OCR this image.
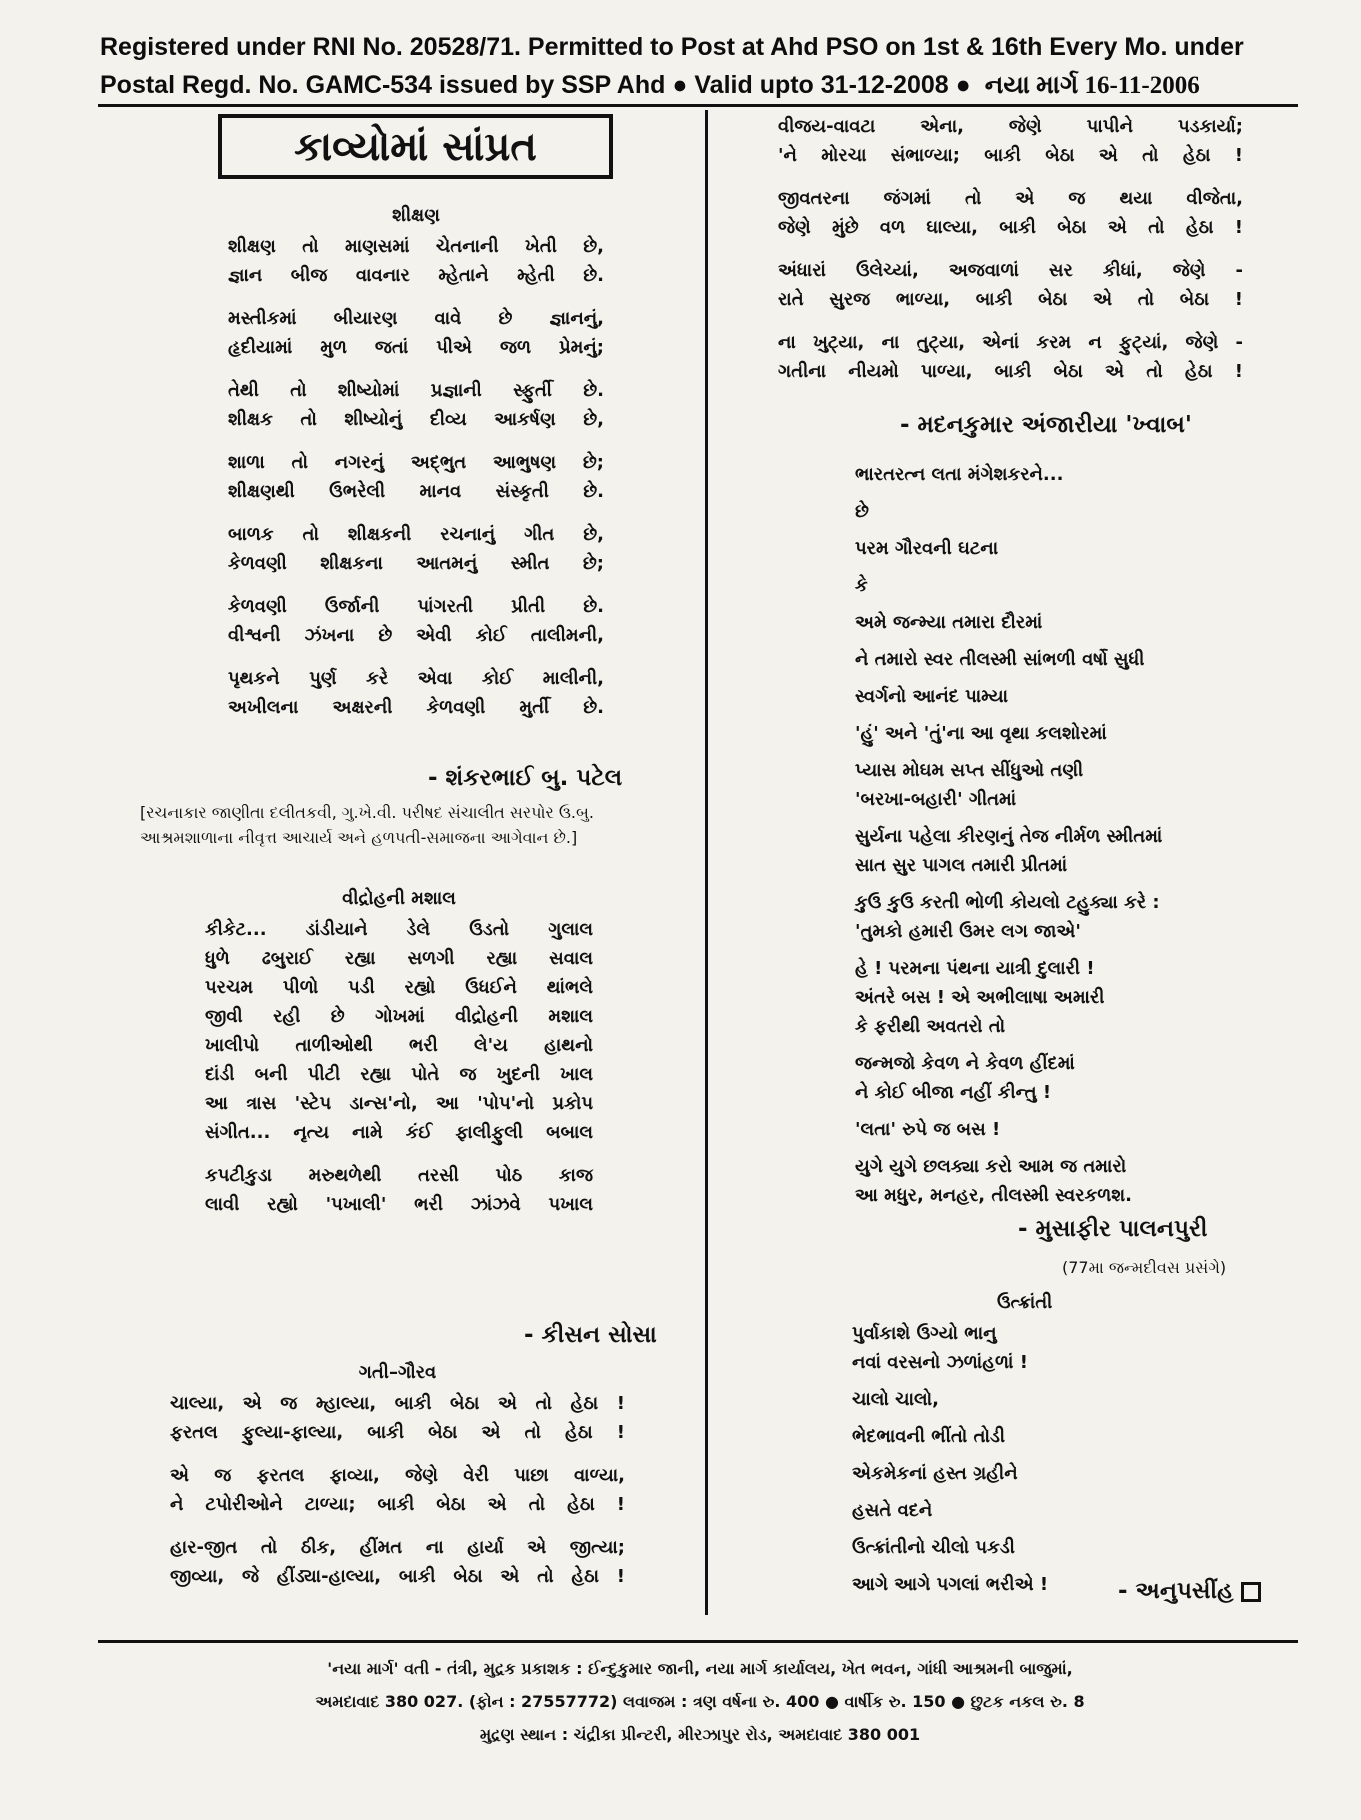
Registered under RNI No. 20528/71. Permitted to Post at Ahd PSO on 1st & 16th Every Mo. under
Postal Regd. No. GAMC-534 issued by SSP Ahd ● Valid upto 31-12-2008 ● નયા માર્ગ 16-11-2006
કાવ્યોમાં સાંપ્રત
શીક્ષણ
શીક્ષણ તો માણસમાં ચેતનાની ખેતી છે,
જ્ઞાન બીજ વાવનાર મ્હેતાને મ્હેતી છે.
મસ્તીકમાં બીયારણ વાવે છે જ્ઞાનનું,
હૃદીયામાં મુળ જતાં પીએ જળ પ્રેમનું;
તેથી તો શીષ્યોમાં પ્રજ્ઞાની સ્ફુર્તી છે.
શીક્ષક તો શીષ્યોનું દીવ્ય આકર્ષણ છે,
શાળા તો નગરનું અદ્‌ભુત આભુષણ છે;
શીક્ષણથી ઉભરેલી માનવ સંસ્કૃતી છે.
બાળક તો શીક્ષકની રચનાનું ગીત છે,
કેળવણી શીક્ષકના આતમનું સ્મીત છે;
કેળવણી ઉર્જાની પાંગરતી પ્રીતી છે.
વીશ્વની ઝંખના છે એવી કોઈ તાલીમની,
પૃથકને પુર્ણ કરે એવા કોઈ માલીની,
અખીલના અક્ષરની કેળવણી મુર્તી છે.
- શંકરભાઈ બુ. પટેલ
[રચનાકાર જાણીતા દલીતકવી, ગુ.ખે.વી. પરીષદ સંચાલીત સરપોર ઉ.બુ. આશ્રમશાળાના નીવૃત્ત આચાર્ય અને હળપતી-સમાજના આગેવાન છે.]
વીદ્રોહની મશાલ
કીકેટ... ડાંડીયાને ડેલે ઉડતો ગુલાલ
ધુળે ઢબુરાઈ રહ્યા સળગી રહ્યા સવાલ
પરચમ પીળો પડી રહ્યો ઉધઈને થાંભલે
જીવી રહી છે ગોખમાં વીદ્રોહની મશાલ
ખાલીપો તાળીઓથી ભરી લે'ય હાથનો
દાંડી બની પીટી રહ્યા પોતે જ ખુદની ખાલ
આ ત્રાસ 'સ્ટેપ ડાન્સ'નો, આ 'પોપ'નો પ્રકોપ
સંગીત... નૃત્ય નામે કંઈ ફાલીફુલી બબાલ
કપટીકુડા મરુથળેથી તરસી પોઠ કાજ
લાવી રહ્યો 'પખાલી' ભરી ઝાંઝવે પખાલ
- કીસન સોસા
ગતી–ગૌરવ
ચાલ્યા, એ જ મ્હાલ્યા, બાકી બેઠા એ તો હેઠા !
ફરતલ ફુલ્યા-ફાલ્યા, બાકી બેઠા એ તો હેઠા !
એ જ ફરતલ ફાવ્યા, જેણે વેરી પાછા વાળ્યા,
ને ટપોરીઓને ટાળ્યા; બાકી બેઠા એ તો હેઠા !
હાર-જીત તો ઠીક, હીંમત ના હાર્યા એ જીત્યા;
જીવ્યા, જે હીંડ્યા-હાલ્યા, બાકી બેઠા એ તો હેઠા !
વીજય-વાવટા એના, જેણે પાપીને પડકાર્યા;
'ને મોરચા સંભાળ્યા; બાકી બેઠા એ તો હેઠા !
જીવતરના જંગમાં તો એ જ થયા વીજેતા,
જેણે મુંછે વળ ઘાલ્યા, બાકી બેઠા એ તો હેઠા !
અંધારાં ઉલેચ્યાં, અજવાળાં સર કીધાં, જેણે -
રાતે સુરજ ભાળ્યા, બાકી બેઠા એ તો બેઠા !
ના ખુટ્યા, ના તુટ્યા, એનાં કરમ ન ફુટ્યાં, જેણે -
ગતીના નીયમો પાળ્યા, બાકી બેઠા એ તો હેઠા !
- મદનકુમાર અંજારીયા 'ખ્વાબ'
ભારતરત્ન લતા મંગેશકરને...
છે
પરમ ગૌરવની ઘટના
કે
અમે જન્મ્યા તમારા દૌરમાં
ને તમારો સ્વર તીલસ્મી સાંભળી વર્ષો સુધી
સ્વર્ગનો આનંદ પામ્યા
'હું' અને 'તું'ના આ વૃથા કલશોરમાં
પ્યાસ મોઘમ સપ્ત સીંધુઓ તણી
'બરખા-બહારી' ગીતમાં
સુર્યના પહેલા કીરણનું તેજ નીર્મળ સ્મીતમાં
સાત સુર પાગલ તમારી પ્રીતમાં
કુઉ કુઉ કરતી ભોળી કોયલો ટહુક્યા કરે :
'તુમકો હમારી ઉમર લગ જાએ'
હે ! પરમના પંથના યાત્રી દુલારી !
અંતરે બસ ! એ અભીલાષા અમારી
કે ફરીથી અવતરો તો
જન્મજો કેવળ ને કેવળ હીંદમાં
ને કોઈ બીજા નહીં કીન્તુ !
'લતા' રુપે જ બસ !
યુગે યુગે છલક્યા કરો આમ જ તમારો
આ મધુર, મનહર, તીલસ્મી સ્વરકળશ.
- મુસાફીર પાલનપુરી
(77મા જન્મદીવસ પ્રસંગે)
ઉત્ક્રાંતી
પુર્વાકાશે ઉગ્યો ભાનુ
નવાં વરસનો ઝળાંહળાં !
ચાલો ચાલો,
ભેદભાવની ભીંતો તોડી
એકમેકનાં હસ્ત ગ્રહીને
હસતે વદને
ઉત્ક્રાંતીનો ચીલો પકડી
આગે આગે પગલાં ભરીએ !	- અનુપસીંહ
'નયા માર્ગ' વતી - તંત્રી, મુદ્રક પ્રકાશક : ઈન્દુકુમાર જાની, નયા માર્ગ કાર્યાલય, ખેત ભવન, ગાંધી આશ્રમની બાજુમાં,
અમદાવાદ 380 027. (ફોન : 27557772) લવાજમ : ત્રણ વર્ષના રુ. 400 ● વાર્ષીક રુ. 150 ● છુટક નકલ રુ. 8
મુદ્રણ સ્થાન : ચંદ્રીકા પ્રીન્ટરી, મીરઝાપુર રોડ, અમદાવાદ 380 001
